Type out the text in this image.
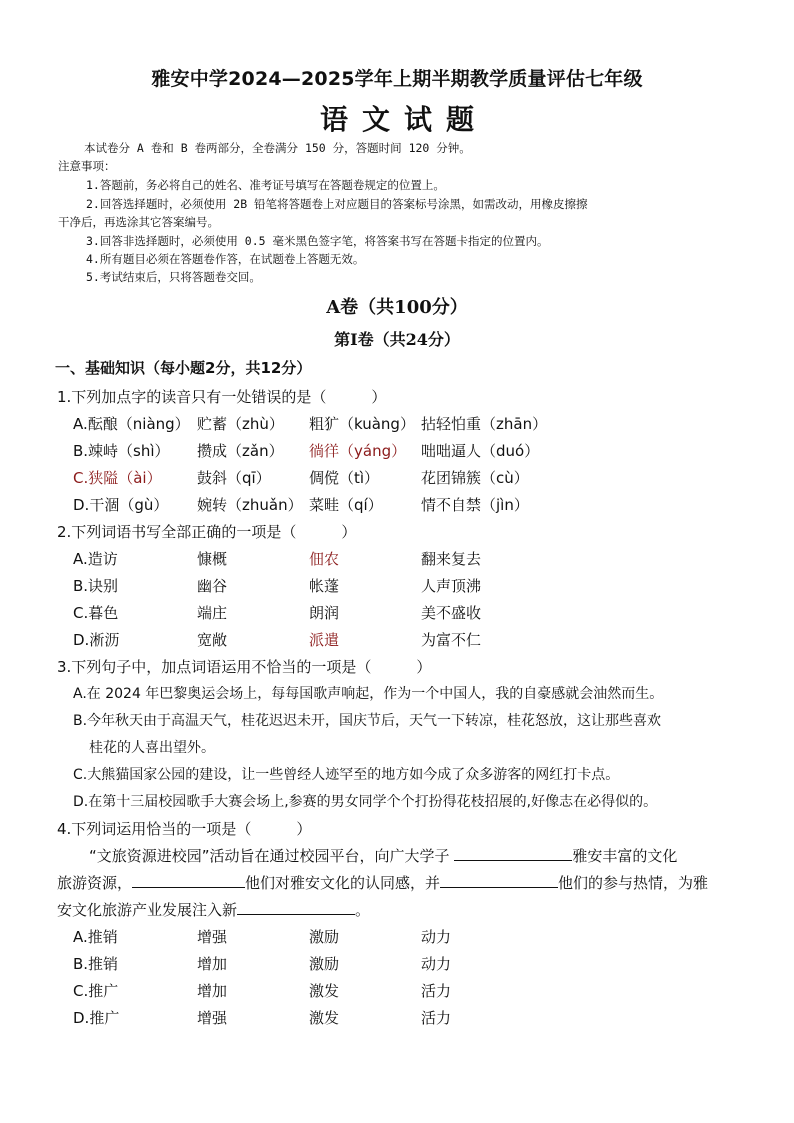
雅安中学2024—2025学年上期半期教学质量评估七年级
语文试题
本试卷分 A 卷和 B 卷两部分，全卷满分 150 分，答题时间 120 分钟。
注意事项：
1.答题前，务必将自己的姓名、准考证号填写在答题卷规定的位置上。
2.回答选择题时，必须使用 2B 铅笔将答题卷上对应题目的答案标号涂黑，如需改动，用橡皮擦擦
干净后，再选涂其它答案编号。
3.回答非选择题时，必须使用 0.5 毫米黑色签字笔，将答案书写在答题卡指定的位置内。
4.所有题目必须在答题卷作答，在试题卷上答题无效。
5.考试结束后，只将答题卷交回。
A卷（共100分）
第Ⅰ卷（共24分）
一、基础知识（每小题2分，共12分）
1.下列加点字的读音只有一处错误的是（　　　）
A.酝酿（niàng） 贮蓄（zhù） 粗犷（kuàng） 拈轻怕重（zhān）
B.竦峙（shì） 攒成（zǎn） 徜徉（yáng） 咄咄逼人（duó）
C.狭隘（ài） 鼓斜（qī）	倜傥（tì）	花团锦簇（cù）
D.干涸（gù） 婉转（zhuǎn） 菜畦（qí）	情不自禁（jìn）
2.下列词语书写全部正确的一项是（　　　）
A.造访	慷概	佃农	翻来复去
B.诀别	幽谷	帐蓬	人声顶沸
C.暮色	端庄	朗润	美不盛收
D.淅沥	宽敞	派遣	为富不仁
3.下列句子中，加点词语运用不恰当的一项是（　　　）
A.在 2024 年巴黎奥运会场上，每每国歌声响起，作为一个中国人，我的自豪感就会油然而生。
B.今年秋天由于高温天气，桂花迟迟未开，国庆节后，天气一下转凉，桂花怒放，这让那些喜欢
桂花的人喜出望外。
C.大熊猫国家公园的建设，让一些曾经人迹罕至的地方如今成了众多游客的网红打卡点。
D.在第十三届校园歌手大赛会场上,参赛的男女同学个个打扮得花枝招展的,好像志在必得似的。
4.下列词运用恰当的一项是（　　　）
“文旅资源进校园”活动旨在通过校园平台，向广大学子	雅安丰富的文化
旅游资源，	他们对雅安文化的认同感，并	他们的参与热情，为雅
安文化旅游产业发展注入新	。
A.推销	增强	激励	动力
B.推销	增加	激励	动力
C.推广	增加	激发	活力
D.推广	增强	激发	活力
